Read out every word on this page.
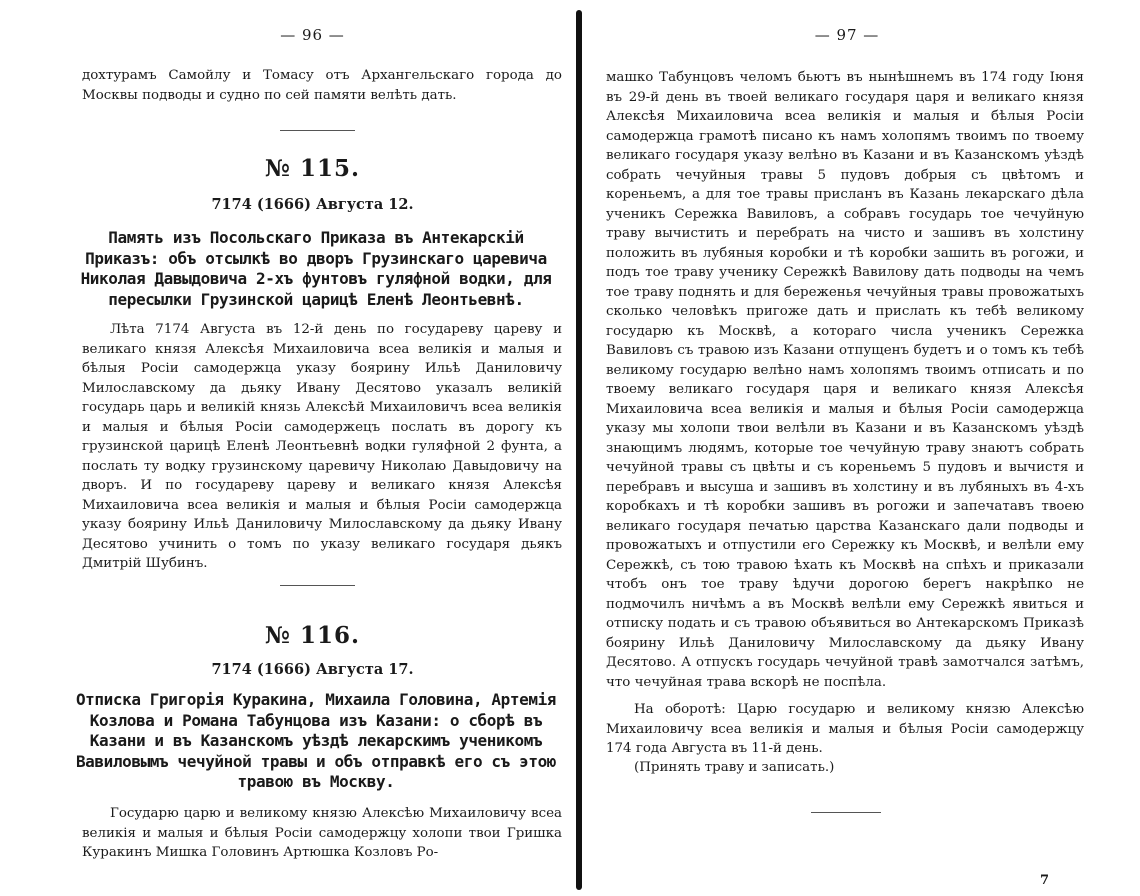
— 96 —

дохтурамъ Самойлу и Томасу отъ Архангельскаго города до Москвы подводы и судно по сей памяти велѣть дать.

№ 115.
7174 (1666) Августа 12.
Память изъ Посольскаго Приказа въ Антекарскій Приказъ: объ отсылкѣ во дворъ Грузинскаго царевича Николая Давыдовича 2-хъ фунтовъ гуляфной водки, для пересылки Грузинской царицѣ Еленѣ Леонтьевнѣ.

Лѣта 7174 Августа въ 12-й день по государеву цареву и великаго князя Алексѣя Михаиловича всеа великія и малыя и бѣлыя Росіи самодержца указу боярину Ильѣ Даниловичу Милославскому да дьяку Ивану Десятово указалъ великій государь царь и великій князь Алексѣй Михаиловичъ всеа великія и малыя и бѣлыя Росіи самодержецъ послать въ дорогу къ грузинской царицѣ Еленѣ Леонтьевнѣ водки гуляфной 2 фунта, а послать ту водку грузинскому царевичу Николаю Давыдовичу на дворъ. И по государеву цареву и великаго князя Алексѣя Михаиловича всеа великія и малыя и бѣлыя Росіи самодержца указу боярину Ильѣ Даниловичу Милославскому да дьяку Ивану Десятово учинить о томъ по указу великаго государя дьякъ Дмитрій Шубинъ.

№ 116.
7174 (1666) Августа 17.
Отписка Григорія Куракина, Михаила Головина, Артемія Козлова и Романа Табунцова изъ Казани: о сборѣ въ Казани и въ Казанскомъ уѣздѣ лекарскимъ ученикомъ Вавиловымъ чечуйной травы и объ отправкѣ его съ этою травою въ Москву.

Государю царю и великому князю Алексѣю Михаиловичу всеа великія и малыя и бѣлыя Росіи самодержцу холопи твои Гришка Куракинъ Мишка Головинъ Артюшка Козловъ Ро-

— 97 —

машко Табунцовъ челомъ бьютъ въ нынѣшнемъ въ 174 году Іюня въ 29-й день въ твоей великаго государя царя и великаго князя Алексѣя Михаиловича всеа великія и малыя и бѣлыя Росіи самодержца грамотѣ писано къ намъ холопямъ твоимъ по твоему великаго государя указу велѣно въ Казани и въ Казанскомъ уѣздѣ собрать чечуйныя травы 5 пудовъ добрыя съ цвѣтомъ и кореньемъ, а для тое травы присланъ въ Казань лекарскаго дѣла ученикъ Сережка Вавиловъ, а собравъ государь тое чечуйную траву вычистить и перебрать на чисто и зашивъ въ холстину положить въ лубяныя коробки и тѣ коробки зашить въ рогожи, и подъ тое траву ученику Сережкѣ Вавилову дать подводы на чемъ тое траву поднять и для береженья чечуйныя травы провожатыхъ сколько человѣкъ пригоже дать и прислать къ тебѣ великому государю къ Москвѣ, а котораго числа ученикъ Сережка Вавиловъ съ травою изъ Казани отпущенъ будетъ и о томъ къ тебѣ великому государю велѣно намъ холопямъ твоимъ отписать и по твоему великаго государя царя и великаго князя Алексѣя Михаиловича всеа великія и малыя и бѣлыя Росіи самодержца указу мы холопи твои велѣли въ Казани и въ Казанскомъ уѣздѣ знающимъ людямъ, которые тое чечуйную траву знаютъ собрать чечуйной травы съ цвѣты и съ кореньемъ 5 пудовъ и вычистя и перебравъ и высуша и зашивъ въ холстину и въ лубяныхъ въ 4-хъ коробкахъ и тѣ коробки зашивъ въ рогожи и запечатавъ твоею великаго государя печатью царства Казанскаго дали подводы и провожатыхъ и отпустили его Сережку къ Москвѣ, и велѣли ему Сережкѣ, съ тою травою ѣхать къ Москвѣ на спѣхъ и приказали чтобъ онъ тое траву ѣдучи дорогою берегъ накрѣпко не подмочилъ ничѣмъ а въ Москвѣ велѣли ему Сережкѣ явиться и отписку подать и съ травою объявиться во Антекарскомъ Приказѣ боярину Ильѣ Даниловичу Милославскому да дьяку Ивану Десятово. А отпускъ государь чечуйной травѣ замотчался затѣмъ, что чечуйная трава вскорѣ не поспѣла.

На оборотѣ: Царю государю и великому князю Алексѣю Михаиловичу всеа великія и малыя и бѣлыя Росіи самодержцу 174 года Августа въ 11-й день.

(Принять траву и записать.)

7
